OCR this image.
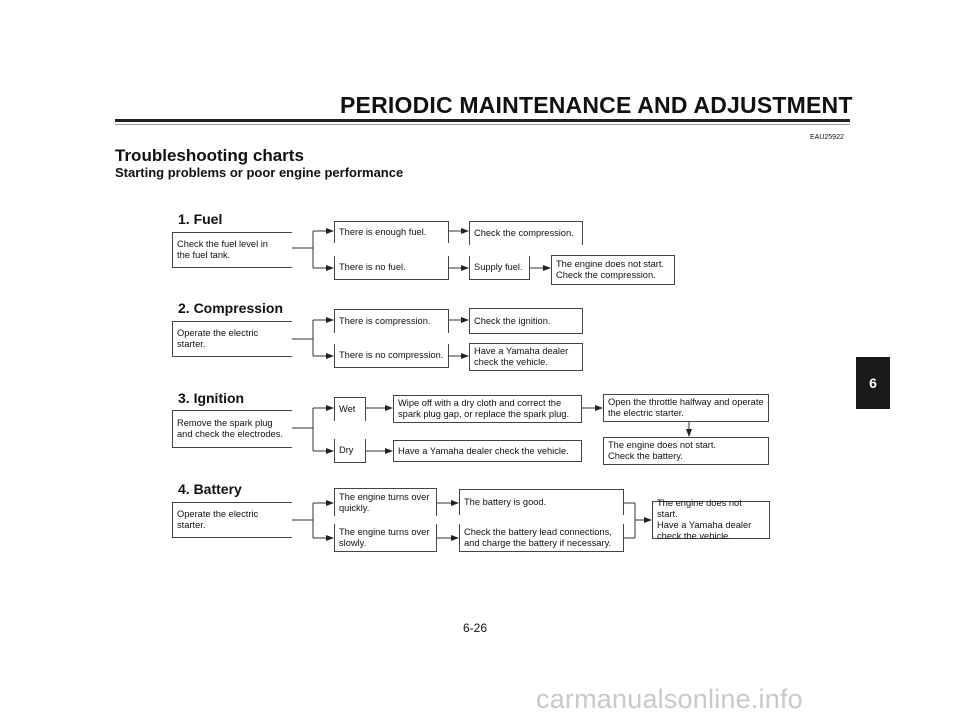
PERIODIC MAINTENANCE AND ADJUSTMENT
EAU25922
Troubleshooting charts
Starting problems or poor engine performance
1. Fuel
Check the fuel level in
the fuel tank.
There is enough fuel.
There is no fuel.
Check the compression.
Supply fuel.	The engine does not start.
Check the compression.
2. Compression
Operate the electric starter.
There is compression.
There is no compression.
Check the ignition.
Have a Yamaha dealer
check the vehicle.
3. Ignition
Remove the spark plug
and check the electrodes.
Wet
Dry
Wipe off with a dry cloth and correct the
spark plug gap, or replace the spark plug.
Have a Yamaha dealer check the vehicle.
Open the throttle halfway and operate
the electric starter.
The engine does not start.
Check the battery.
4. Battery
Operate the electric starter.
The engine turns over
quickly.
The engine turns over
slowly.
The battery is good.
Check the battery lead connections,
and charge the battery if necessary.
The engine does not start.
Have a Yamaha dealer
check the vehicle.
6-26
6
carmanualsonline.info
